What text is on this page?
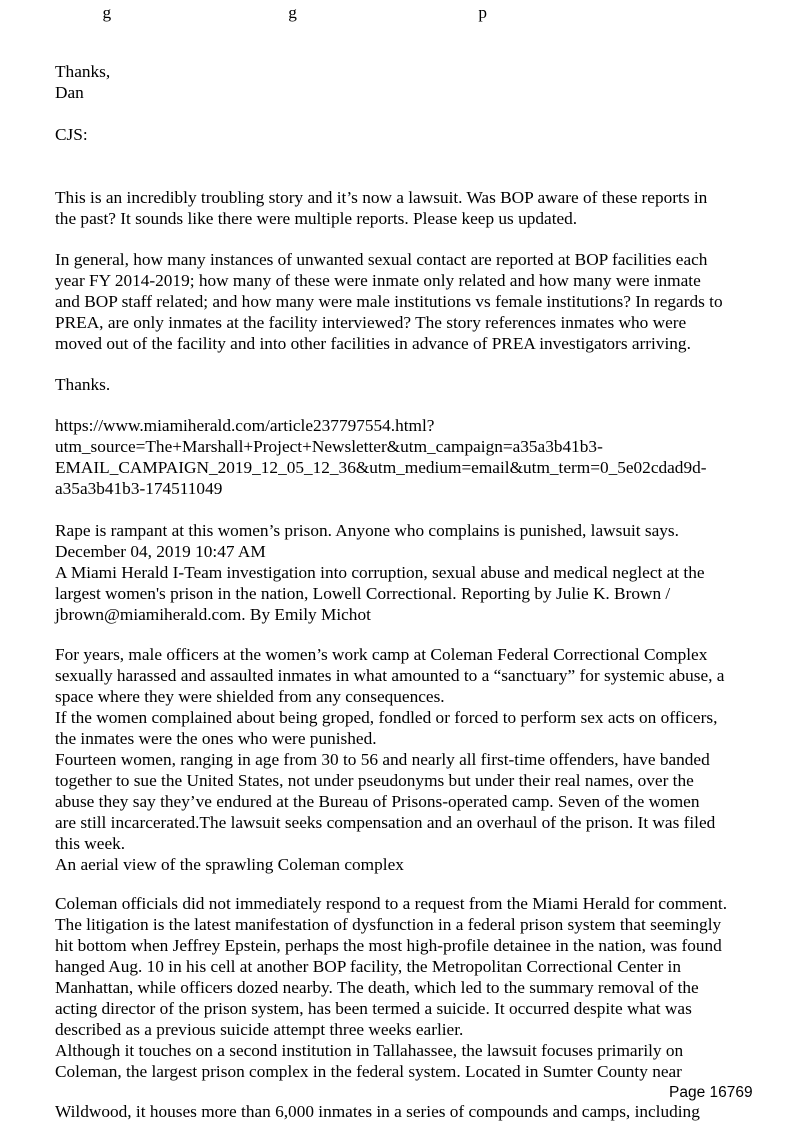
g                                         g                                          p
Thanks,
Dan
CJS:
This is an incredibly troubling story and it’s now a lawsuit. Was BOP aware of these reports in
the past? It sounds like there were multiple reports. Please keep us updated.
In general, how many instances of unwanted sexual contact are reported at BOP facilities each
year FY 2014-2019; how many of these were inmate only related and how many were inmate
and BOP staff related; and how many were male institutions vs female institutions? In regards to
PREA, are only inmates at the facility interviewed? The story references inmates who were
moved out of the facility and into other facilities in advance of PREA investigators arriving.
Thanks.
https://www.miamiherald.com/article237797554.html?
utm_source=The+Marshall+Project+Newsletter&utm_campaign=a35a3b41b3-
EMAIL_CAMPAIGN_2019_12_05_12_36&utm_medium=email&utm_term=0_5e02cdad9d-
a35a3b41b3-174511049
Rape is rampant at this women’s prison. Anyone who complains is punished, lawsuit says.
December 04, 2019 10:47 AM
A Miami Herald I-Team investigation into corruption, sexual abuse and medical neglect at the
largest women's prison in the nation, Lowell Correctional. Reporting by Julie K. Brown /
jbrown@miamiherald.com. By Emily Michot
For years, male officers at the women’s work camp at Coleman Federal Correctional Complex
sexually harassed and assaulted inmates in what amounted to a “sanctuary” for systemic abuse, a
space where they were shielded from any consequences.
If the women complained about being groped, fondled or forced to perform sex acts on officers,
the inmates were the ones who were punished.
Fourteen women, ranging in age from 30 to 56 and nearly all first-time offenders, have banded
together to sue the United States, not under pseudonyms but under their real names, over the
abuse they say they’ve endured at the Bureau of Prisons-operated camp. Seven of the women
are still incarcerated.The lawsuit seeks compensation and an overhaul of the prison. It was filed
this week.
An aerial view of the sprawling Coleman complex
Coleman officials did not immediately respond to a request from the Miami Herald for comment.
The litigation is the latest manifestation of dysfunction in a federal prison system that seemingly
hit bottom when Jeffrey Epstein, perhaps the most high-profile detainee in the nation, was found
hanged Aug. 10 in his cell at another BOP facility, the Metropolitan Correctional Center in
Manhattan, while officers dozed nearby. The death, which led to the summary removal of the
acting director of the prison system, has been termed a suicide. It occurred despite what was
described as a previous suicide attempt three weeks earlier.
Although it touches on a second institution in Tallahassee, the lawsuit focuses primarily on
Coleman, the largest prison complex in the federal system. Located in Sumter County near
Wildwood, it houses more than 6,000 inmates in a series of compounds and camps, including
Page 16769
